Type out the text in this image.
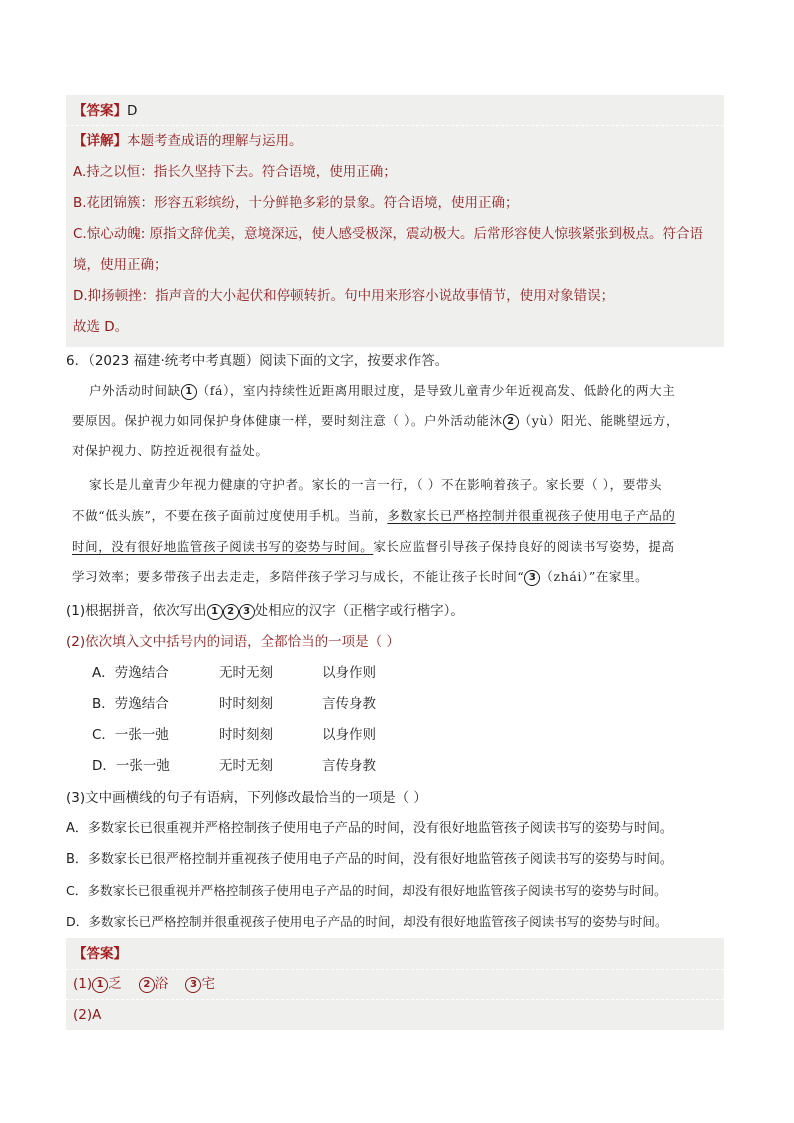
【答案】D
【详解】本题考查成语的理解与运用。
A.持之以恒：指长久坚持下去。符合语境，使用正确；
B.花团锦簇：形容五彩缤纷，十分鲜艳多彩的景象。符合语境，使用正确；
C.惊心动魄: 原指文辞优美，意境深远，使人感受极深，震动极大。后常形容使人惊骇紧张到极点。符合语
境，使用正确；
D.抑扬顿挫：指声音的大小起伏和停顿转折。句中用来形容小说故事情节，使用对象错误；
故选 D。
6．（2023 福建·统考中考真题）阅读下面的文字，按要求作答。
户外活动时间缺 1 （fá），室内持续性近距离用眼过度，是导致儿童青少年近视高发、低龄化的两大主
要原因。保护视力如同保护身体健康一样，要时刻注意（ ）。户外活动能沐 2 （yù）阳光、能眺望远方，
对保护视力、防控近视很有益处。
家长是儿童青少年视力健康的守护者。家长的一言一行，（ ）不在影响着孩子。家长要（ ），要带头
不做“低头族”，不要在孩子面前过度使用手机。当前，多数家长已严格控制并很重视孩子使用电子产品的
时间，没有很好地监管孩子阅读书写的姿势与时间。家长应监督引导孩子保持良好的阅读书写姿势，提高
学习效率；要多带孩子出去走走，多陪伴孩子学习与成长，不能让孩子长时间“ 3 （zhái）”在家里。
(1)根据拼音，依次写出 1 2 3 处相应的汉字（正楷字或行楷字）。
(2)依次填入文中括号内的词语，全都恰当的一项是（ ）
A．劳逸结合	无时无刻	以身作则
B．劳逸结合	时时刻刻	言传身教
C．一张一弛	时时刻刻	以身作则
D．一张一弛	无时无刻	言传身教
(3)文中画横线的句子有语病，下列修改最恰当的一项是（ ）
A．多数家长已很重视并严格控制孩子使用电子产品的时间，没有很好地监管孩子阅读书写的姿势与时间。
B．多数家长已很严格控制并重视孩子使用电子产品的时间，没有很好地监管孩子阅读书写的姿势与时间。
C．多数家长已很重视并严格控制孩子使用电子产品的时间，却没有很好地监管孩子阅读书写的姿势与时间。
D．多数家长已严格控制并很重视孩子使用电子产品的时间，却没有很好地监管孩子阅读书写的姿势与时间。
【答案】
(1) 1 乏 2 浴 3 宅
(2)A
